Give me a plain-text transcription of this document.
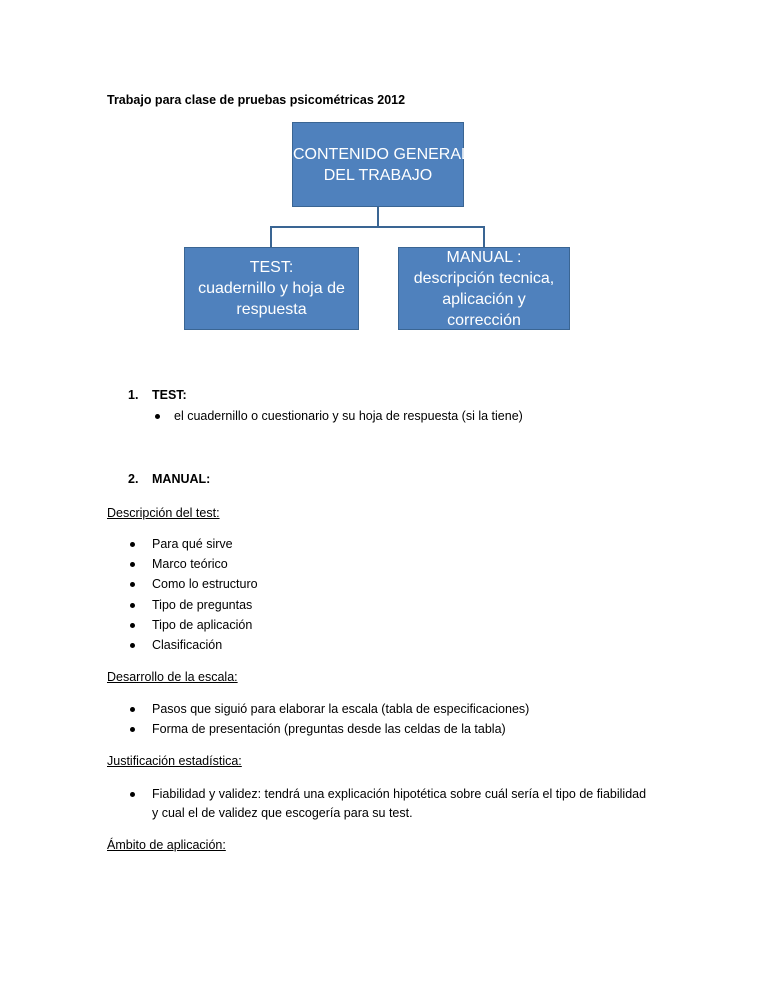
Trabajo para clase de pruebas psicométricas 2012
CONTENIDO GENERAL
DEL TRABAJO
TEST:
cuadernillo y hoja de
respuesta
MANUAL :
descripción tecnica,
aplicación y
corrección
1. TEST:
el cuadernillo o cuestionario y su hoja de respuesta (si la tiene)
2. MANUAL:
Descripción del test:
Para qué sirve
Marco teórico
Como lo estructuro
Tipo de preguntas
Tipo de aplicación
Clasificación
Desarrollo de la escala:
Pasos que siguió para elaborar la escala (tabla de especificaciones)
Forma de presentación (preguntas desde las celdas de la tabla)
Justificación estadística:
Fiabilidad y validez: tendrá una explicación hipotética sobre cuál sería el tipo de fiabilidad
y cual el de validez que escogería para su test.
Ámbito de aplicación:
